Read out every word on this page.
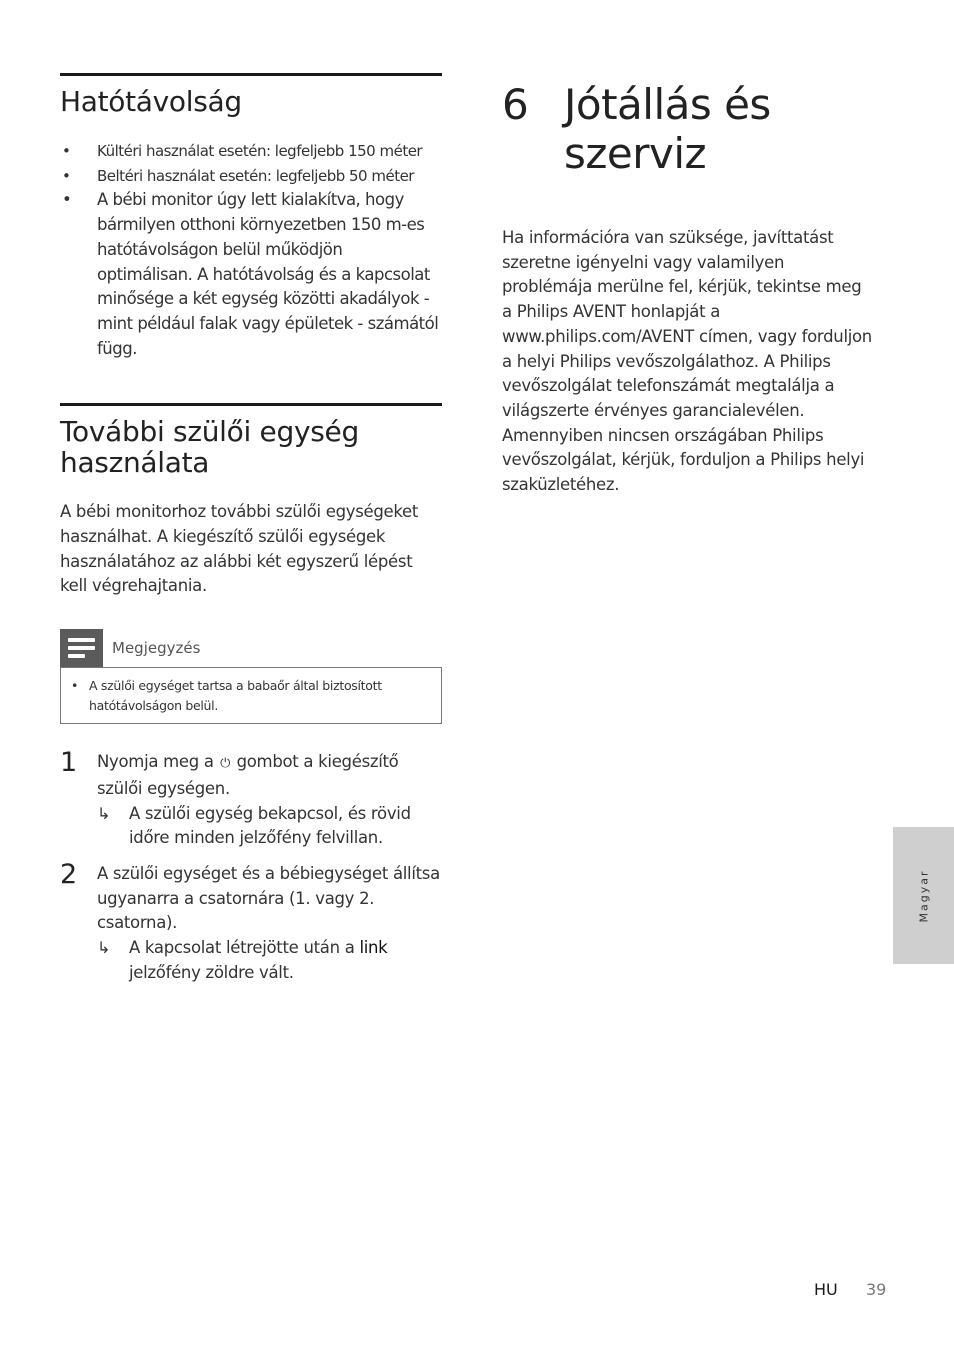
Hatótávolság
• Kültéri használat esetén: legfeljebb 150 méter
• Beltéri használat esetén: legfeljebb 50 méter
• A bébi monitor úgy lett kialakítva, hogy bármilyen otthoni környezetben 150 m-es hatótávolságon belül működjön optimálisan. A hatótávolság és a kapcsolat minősége a két egység közötti akadályok - mint például falak vagy épületek - számától függ.
További szülői egység használata

A bébi monitorhoz további szülői egységeket használhat. A kiegészítő szülői egységek használatához az alábbi két egyszerű lépést kell végrehajtania.

Megjegyzés
• A szülői egységet tartsa a babaőr által biztosított hatótávolságon belül.
1	Nyomja meg a ⏻ gombot a kiegészítő szülői egységen.
↳	A szülői egység bekapcsol, és rövid időre minden jelzőfény felvillan.
2	A szülői egységet és a bébiegységet állítsa ugyanarra a csatornára (1. vagy 2. csatorna).
↳	A kapcsolat létrejötte után a link jelzőfény zöldre vált.
6 Jótállás és szerviz

Ha információra van szüksége, javíttatást szeretne igényelni vagy valamilyen problémája merülne fel, kérjük, tekintse meg a Philips AVENT honlapját a www.philips.com/AVENT címen, vagy forduljon a helyi Philips vevőszolgálathoz. A Philips vevőszolgálat telefonszámát megtalálja a világszerte érvényes garancialevélen. Amennyiben nincsen országában Philips vevőszolgálat, kérjük, forduljon a Philips helyi szaküzletéhez.

Magyar
HU 39
